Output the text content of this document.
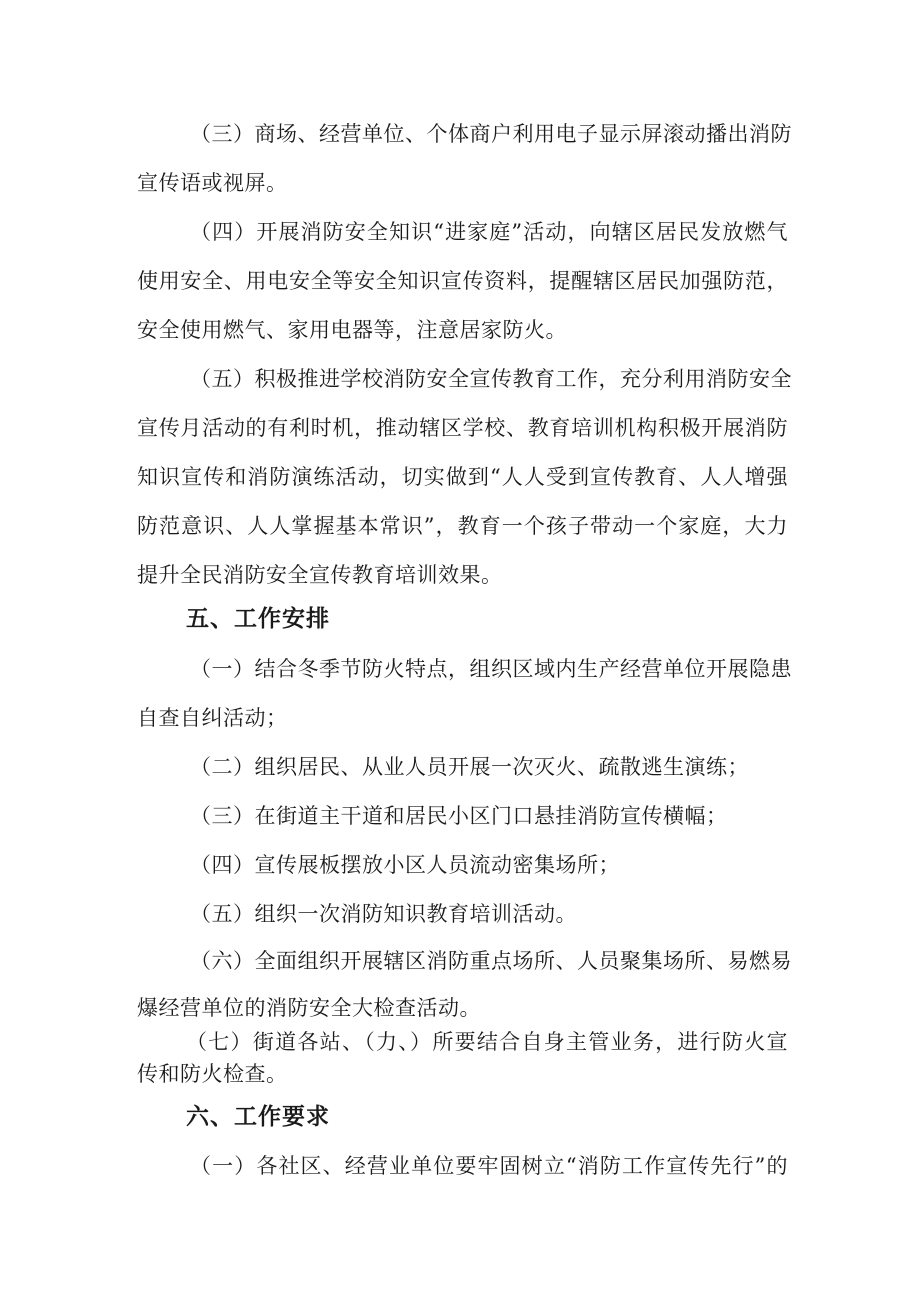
（三）商场、经营单位、个体商户利用电子显示屏滚动播出消防
宣传语或视屏。
（四）开展消防安全知识“进家庭”活动，向辖区居民发放燃气
使用安全、用电安全等安全知识宣传资料，提醒辖区居民加强防范，
安全使用燃气、家用电器等，注意居家防火。
（五）积极推进学校消防安全宣传教育工作，充分利用消防安全
宣传月活动的有利时机，推动辖区学校、教育培训机构积极开展消防
知识宣传和消防演练活动，切实做到“人人受到宣传教育、人人增强
防范意识、人人掌握基本常识”，教育一个孩子带动一个家庭，大力
提升全民消防安全宣传教育培训效果。
五、工作安排
（一）结合冬季节防火特点，组织区域内生产经营单位开展隐患
自查自纠活动；
（二）组织居民、从业人员开展一次灭火、疏散逃生演练；
（三）在街道主干道和居民小区门口悬挂消防宣传横幅；
（四）宣传展板摆放小区人员流动密集场所；
（五）组织一次消防知识教育培训活动。
（六）全面组织开展辖区消防重点场所、人员聚集场所、易燃易
爆经营单位的消防安全大检查活动。
（七）街道各站、（力、）所要结合自身主管业务，进行防火宣
传和防火检查。
六、工作要求
（一）各社区、经营业单位要牢固树立“消防工作宣传先行”的
